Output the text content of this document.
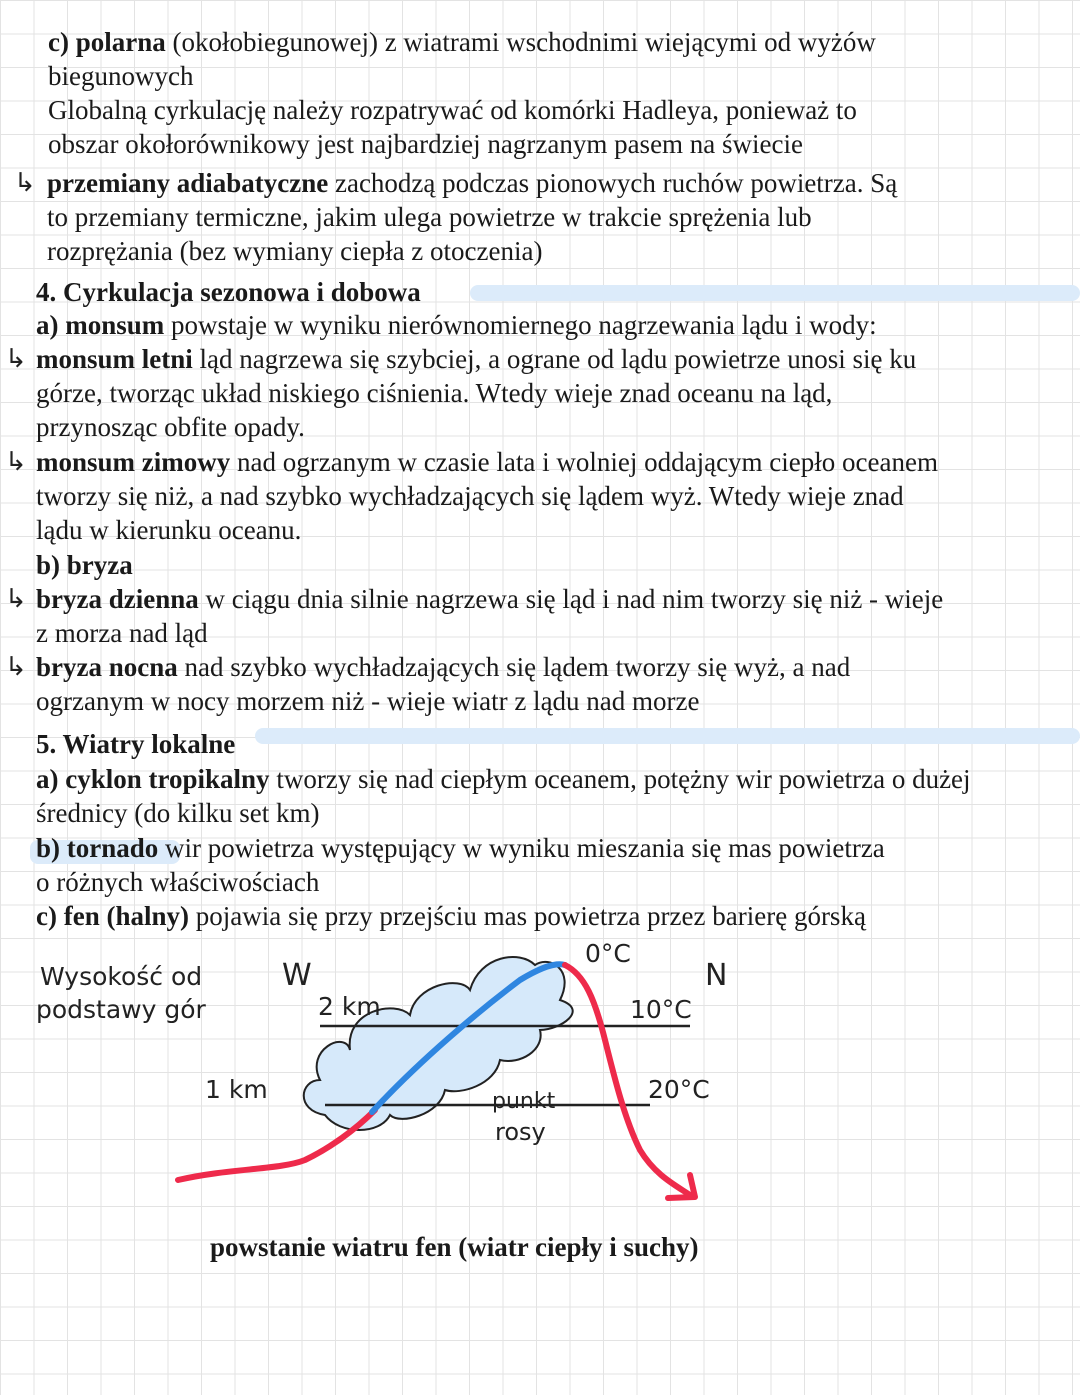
c) polarna (okołobiegunowej) z wiatrami wschodnimi wiejącymi od wyżów
biegunowych
Globalną cyrkulację należy rozpatrywać od komórki Hadleya, ponieważ to
obszar okołorównikowy jest najbardziej nagrzanym pasem na świecie
↳ przemiany adiabatyczne zachodzą podczas pionowych ruchów powietrza. Są
to przemiany termiczne, jakim ulega powietrze w trakcie sprężenia lub
rozprężania (bez wymiany ciepła z otoczenia)
4. Cyrkulacja sezonowa i dobowa
a) monsum powstaje w wyniku nierównomiernego nagrzewania lądu i wody:
↳ monsum letni ląd nagrzewa się szybciej, a ograne od lądu powietrze unosi się ku
górze, tworząc układ niskiego ciśnienia. Wtedy wieje znad oceanu na ląd,
przynosząc obfite opady.
↳ monsum zimowy nad ogrzanym w czasie lata i wolniej oddającym ciepło oceanem
tworzy się niż, a nad szybko wychładzających się lądem wyż. Wtedy wieje znad
lądu w kierunku oceanu.
b) bryza
↳ bryza dzienna w ciągu dnia silnie nagrzewa się ląd i nad nim tworzy się niż - wieje
z morza nad ląd
↳ bryza nocna nad szybko wychładzających się lądem tworzy się wyż, a nad
ogrzanym w nocy morzem niż - wieje wiatr z lądu nad morze
5. Wiatry lokalne
a) cyklon tropikalny tworzy się nad ciepłym oceanem, potężny wir powietrza o dużej
średnicy (do kilku set km)
b) tornado wir powietrza występujący w wyniku mieszania się mas powietrza
o różnych właściwościach
c) fen (halny) pojawia się przy przejściu mas powietrza przez barierę górską
Wysokość od
podstawy gór
W	N
2 km
1 km
0°C
10°C
20°C
punkt
rosy
powstanie wiatru fen (wiatr ciepły i suchy)
